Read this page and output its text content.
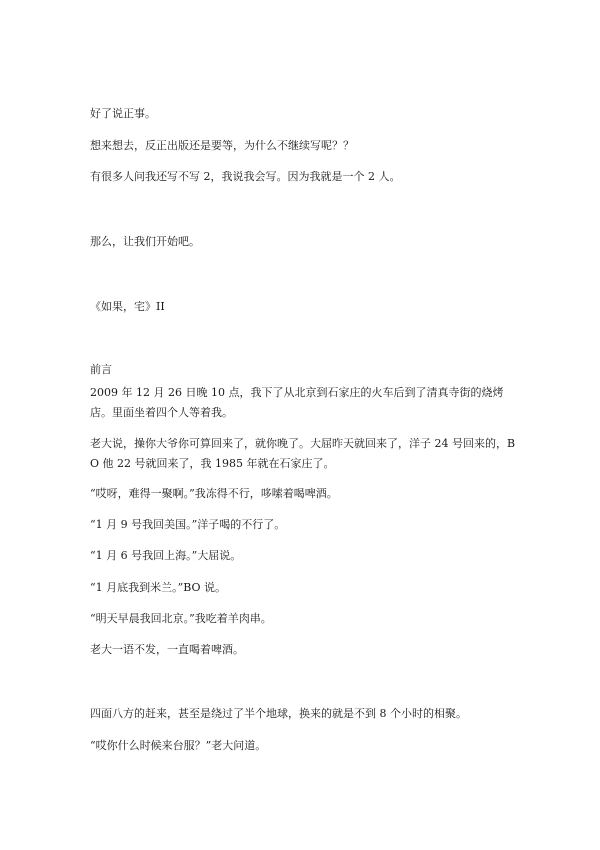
好了说正事。

想来想去，反正出版还是要等，为什么不继续写呢？？

有很多人问我还写不写 2，我说我会写。因为我就是一个 2 人。

那么，让我们开始吧。

《如果，宅》II

前言

2009 年 12 月 26 日晚 10 点，我下了从北京到石家庄的火车后到了清真寺街的烧烤店。里面坐着四个人等着我。

老大说，操你大爷你可算回来了，就你晚了。大屈昨天就回来了，洋子 24 号回来的，BO 他 22 号就回来了，我 1985 年就在石家庄了。

“哎呀，难得一聚啊。”我冻得不行，哆嗦着喝啤酒。

“1 月 9 号我回美国。”洋子喝的不行了。

“1 月 6 号我回上海。”大屈说。

“1 月底我到米兰。”BO 说。

“明天早晨我回北京。”我吃着羊肉串。

老大一语不发，一直喝着啤酒。

四面八方的赶来，甚至是绕过了半个地球，换来的就是不到 8 个小时的相聚。

“哎你什么时候来台服？”老大问道。
